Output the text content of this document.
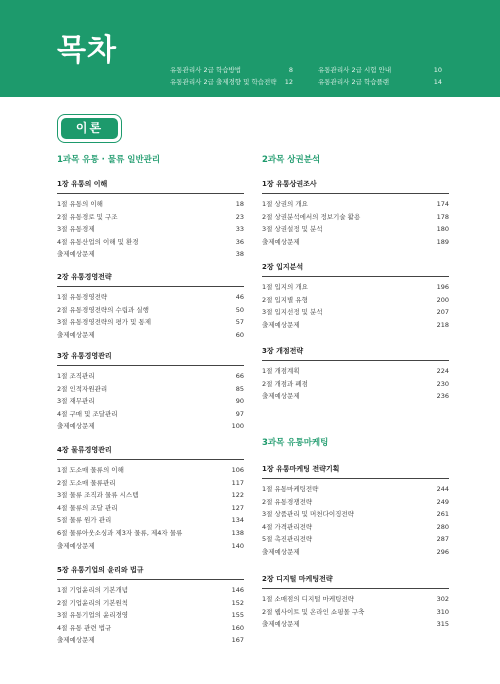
목차
유통관리사 2급 학습방법	8	유통관리사 2급 시험 안내	10
유통관리사 2급 출제경향 및 학습전략	12	유통관리사 2급 학습플랜	14
이론
1과목 유통 · 물류 일반관리
1장 유통의 이해
1절 유통의 이해	18
2절 유통경로 및 구조	23
3절 유통경제	33
4절 유통산업의 이해 및 환경	36
출제예상문제	38
2장 유통경영전략
1절 유통경영전략	46
2절 유통경영전략의 수립과 실행	50
3절 유통경영전략의 평가 및 통제	57
출제예상문제	60
3장 유통경영관리
1절 조직관리	66
2절 인적자원관리	85
3절 재무관리	90
4절 구매 및 조달관리	97
출제예상문제	100
4장 물류경영관리
1절 도소매 물류의 이해	106
2절 도소매 물류관리	117
3절 물류 조직과 물류 시스템	122
4절 물류의 조달 관리	127
5절 물류 원가 관리	134
6절 물류아웃소싱과 제3자 물류, 제4자 물류	138
출제예상문제	140
5장 유통기업의 윤리와 법규
1절 기업윤리의 기본개념	146
2절 기업윤리의 기본원칙	152
3절 유통기업의 윤리경영	155
4절 유통 관련 법규	160
출제예상문제	167
2과목 상권분석
1장 유통상권조사
1절 상권의 개요	174
2절 상권분석에서의 정보기술 활용	178
3절 상권설정 및 분석	180
출제예상문제	189
2장 입지분석
1절 입지의 개요	196
2절 입지별 유형	200
3절 입지선정 및 분석	207
출제예상문제	218
3장 개점전략
1절 개점계획	224
2절 개점과 폐점	230
출제예상문제	236
3과목 유통마케팅
1장 유통마케팅 전략기획
1절 유통마케팅전략	244
2절 유통경쟁전략	249
3절 상품관리 및 머천다이징전략	261
4절 가격관리전략	280
5절 촉진관리전략	287
출제예상문제	296
2장 디지털 마케팅전략
1절 소매점의 디지털 마케팅전략	302
2절 웹사이트 및 온라인 쇼핑몰 구축	310
출제예상문제	315
